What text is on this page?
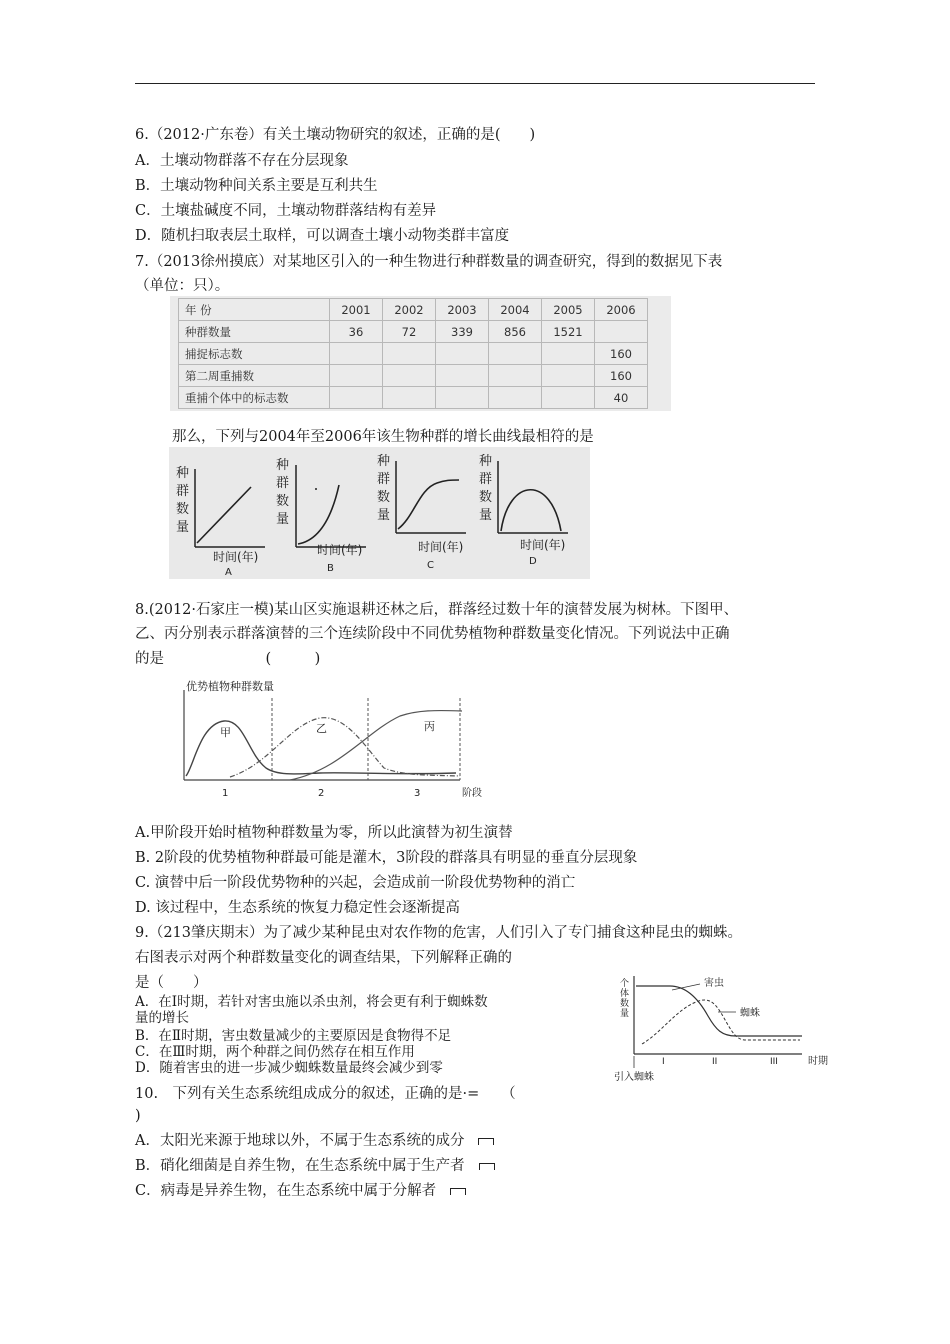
6.（2012·广东卷）有关土壤动物研究的叙述，正确的是(　　)
A．土壤动物群落不存在分层现象
B．土壤动物种间关系主要是互利共生
C．土壤盐碱度不同，土壤动物群落结构有差异
D．随机扫取表层土取样，可以调查土壤小动物类群丰富度
7.（2013徐州摸底）对某地区引入的一种生物进行种群数量的调查研究，得到的数据见下表
（单位：只）。
年 份	2001	2002	2003	2004	2005	2006
种群数量	36	72	339	856	1521	
捕捉标志数						160
第二周重捕数						160
重捕个体中的标志数						40
那么，下列与2004年至2006年该生物种群的增长曲线最相符的是
种
群
数
量
时间(年)
A
种
群
数
量
时间(年)
B
种
群
数
量
时间(年)
C
种
群
数
量
时间(年)
D
8.(2012·石家庄一模)某山区实施退耕还林之后，群落经过数十年的演替发展为树林。下图甲、
乙、丙分别表示群落演替的三个连续阶段中不同优势植物种群数量变化情况。下列说法中正确
的是　　　　　　　(　　　)
优势植物种群数量
甲	乙	丙
1	2	3	阶段
A.甲阶段开始时植物种群数量为零，所以此演替为初生演替
B. 2阶段的优势植物种群最可能是灌木，3阶段的群落具有明显的垂直分层现象
C. 演替中后一阶段优势物种的兴起，会造成前一阶段优势物种的消亡
D. 该过程中，生态系统的恢复力稳定性会逐渐提高
9.（213肇庆期末）为了减少某种昆虫对农作物的危害，人们引入了专门捕食这种昆虫的蜘蛛。
右图表示对两个种群数量变化的调查结果，下列解释正确的
是（　　）
A．在Ⅰ时期，若针对害虫施以杀虫剂，将会更有利于蜘蛛数
量的增长
B．在Ⅱ时期，害虫数量减少的主要原因是食物得不足
C．在Ⅲ时期，两个种群之间仍然存在相互作用
D．随着害虫的进一步减少蜘蛛数量最终会减少到零
个
体
数
量
害虫
蜘蛛
I	II	III	时期
引入蜘蛛
10.　下列有关生态系统组成成分的叙述，正确的是·=　　（
)
A．太阳光来源于地球以外，不属于生态系统的成分
B．硝化细菌是自养生物，在生态系统中属于生产者
C．病毒是异养生物，在生态系统中属于分解者
